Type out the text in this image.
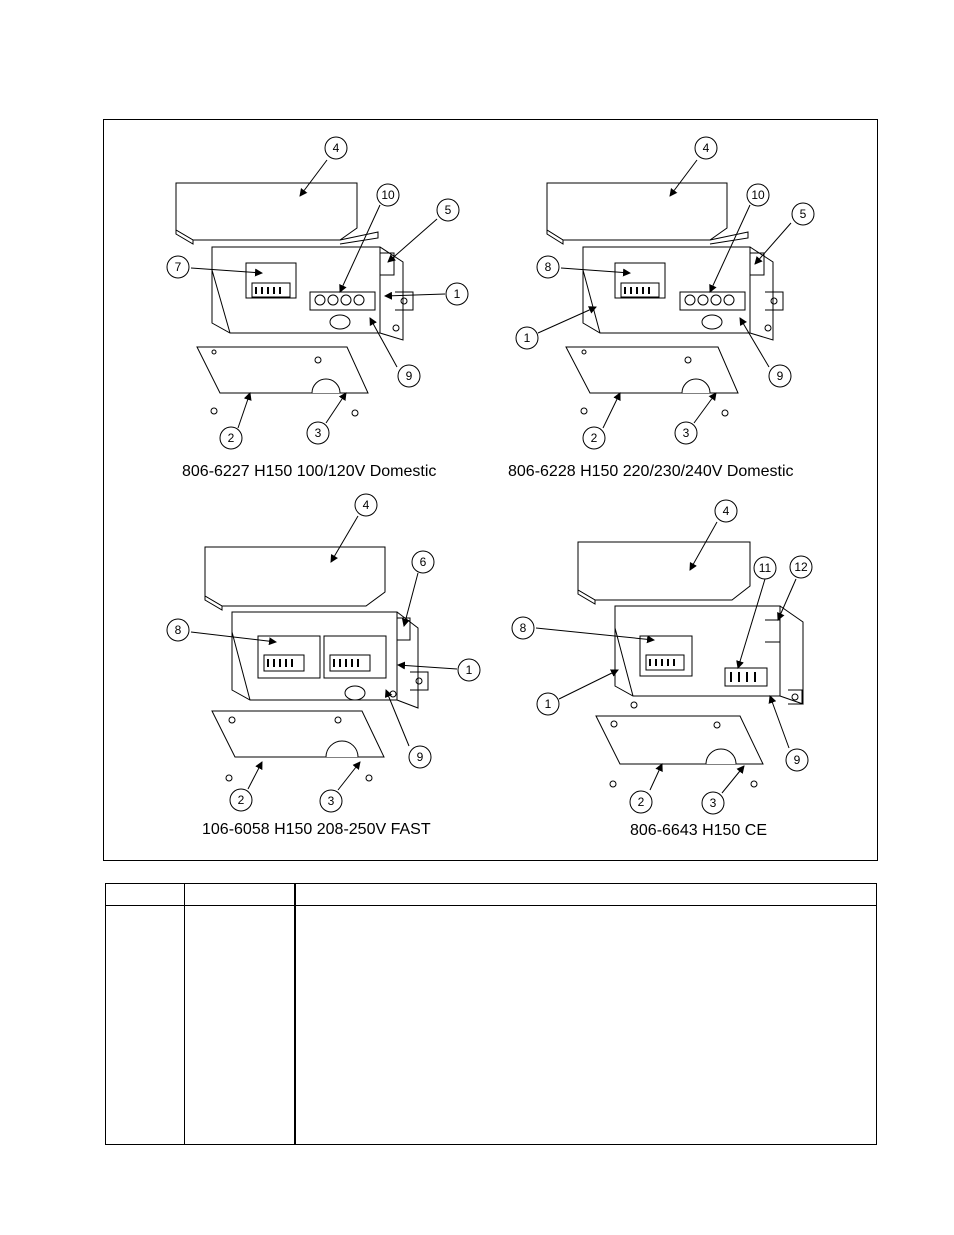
4
10
5
7
1
9
2	3
4
10
5
8
1
9
2	3
4
6
8
1
9
2	3
4
11 12
8
1
9
2	3
806-6227 H150 100/120V Domestic	806-6228 H150 220/230/240V Domestic
106-6058 H150 208-250V FAST	806-6643 H150 CE
